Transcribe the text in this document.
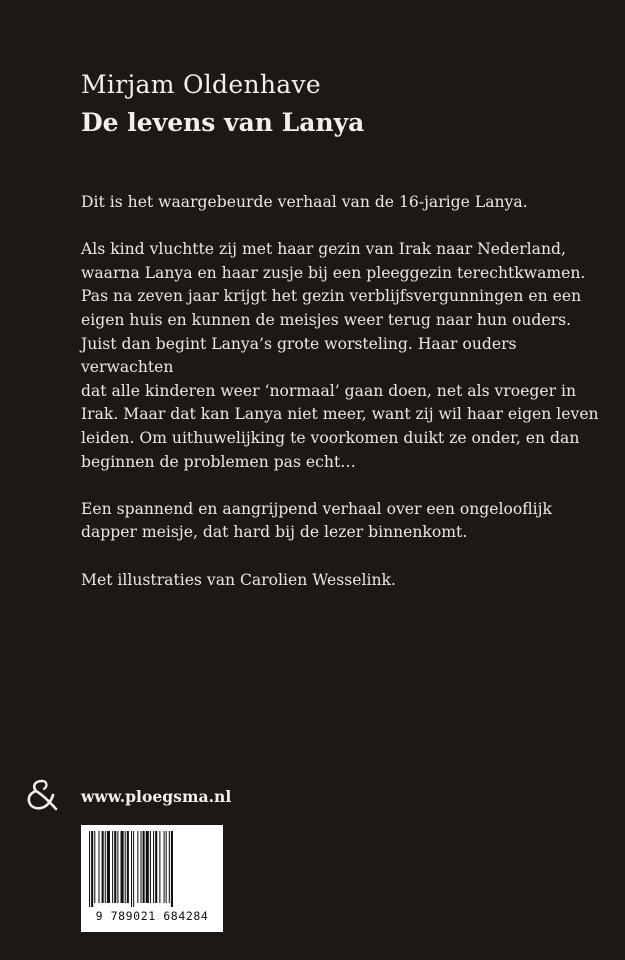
Mirjam Oldenhave
De levens van Lanya

Dit is het waargebeurde verhaal van de 16-jarige Lanya.

Als kind vluchtte zij met haar gezin van Irak naar Nederland,
waarna Lanya en haar zusje bij een pleeggezin terechtkwamen.
Pas na zeven jaar krijgt het gezin verblijfsvergunningen en een
eigen huis en kunnen de meisjes weer terug naar hun ouders.
Juist dan begint Lanya’s grote worsteling. Haar ouders verwachten
dat alle kinderen weer ‘normaal’ gaan doen, net als vroeger in
Irak. Maar dat kan Lanya niet meer, want zij wil haar eigen leven
leiden. Om uithuwelijking te voorkomen duikt ze onder, en dan
beginnen de problemen pas echt…

Een spannend en aangrijpend verhaal over een ongelooflijk
dapper meisje, dat hard bij de lezer binnenkomt.

Met illustraties van Carolien Wesselink.

www.ploegsma.nl
9 789021 684284
